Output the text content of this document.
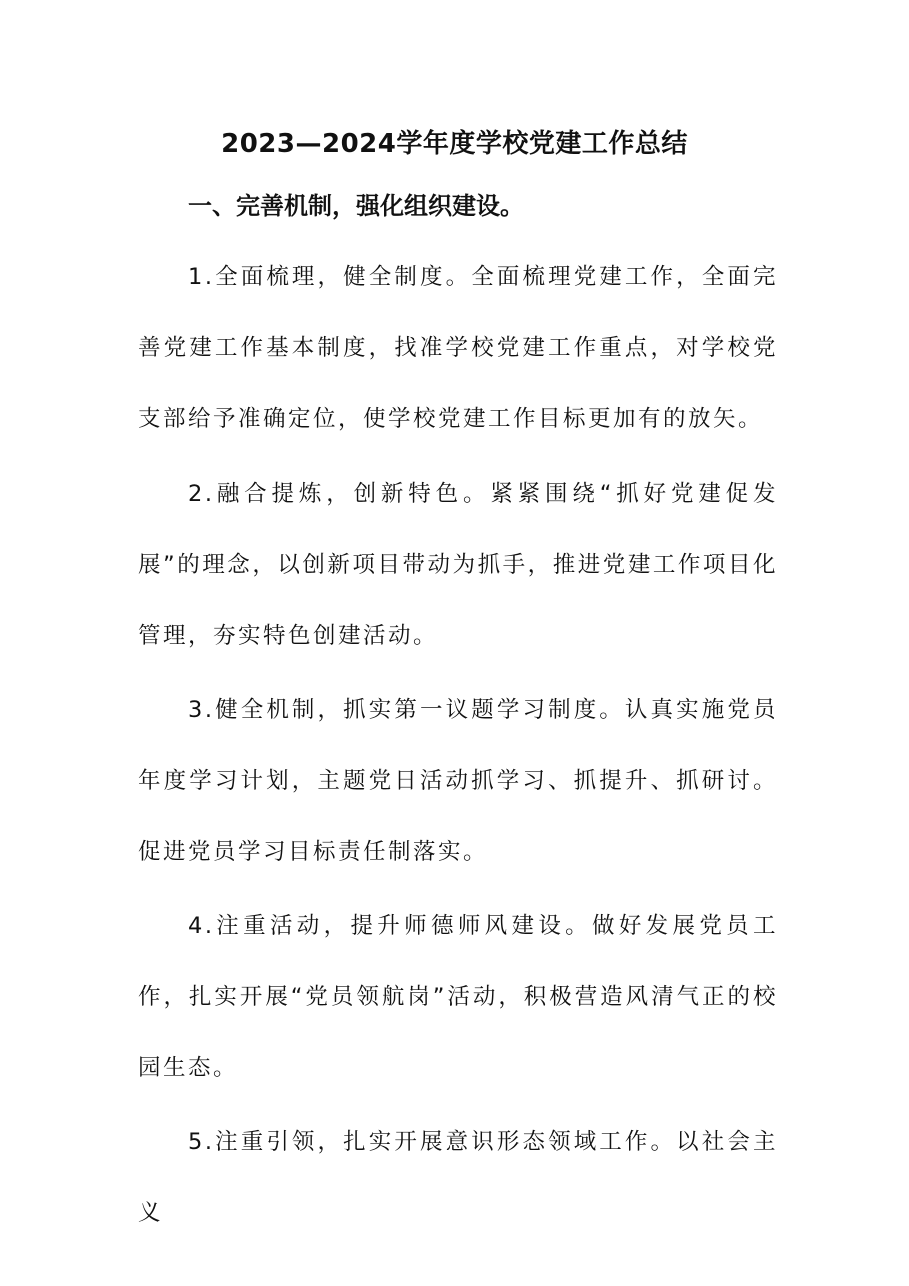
2023—2024学年度学校党建工作总结
一、完善机制，强化组织建设。
1.全面梳理，健全制度。全面梳理党建工作，全面完善党建工作基本制度，找准学校党建工作重点，对学校党支部给予准确定位，使学校党建工作目标更加有的放矢。
2.融合提炼，创新特色。紧紧围绕“抓好党建促发展”的理念，以创新项目带动为抓手，推进党建工作项目化管理，夯实特色创建活动。
3.健全机制，抓实第一议题学习制度。认真实施党员年度学习计划，主题党日活动抓学习、抓提升、抓研讨。促进党员学习目标责任制落实。
4.注重活动，提升师德师风建设。做好发展党员工作，扎实开展“党员领航岗”活动，积极营造风清气正的校园生态。
5.注重引领，扎实开展意识形态领域工作。以社会主义
